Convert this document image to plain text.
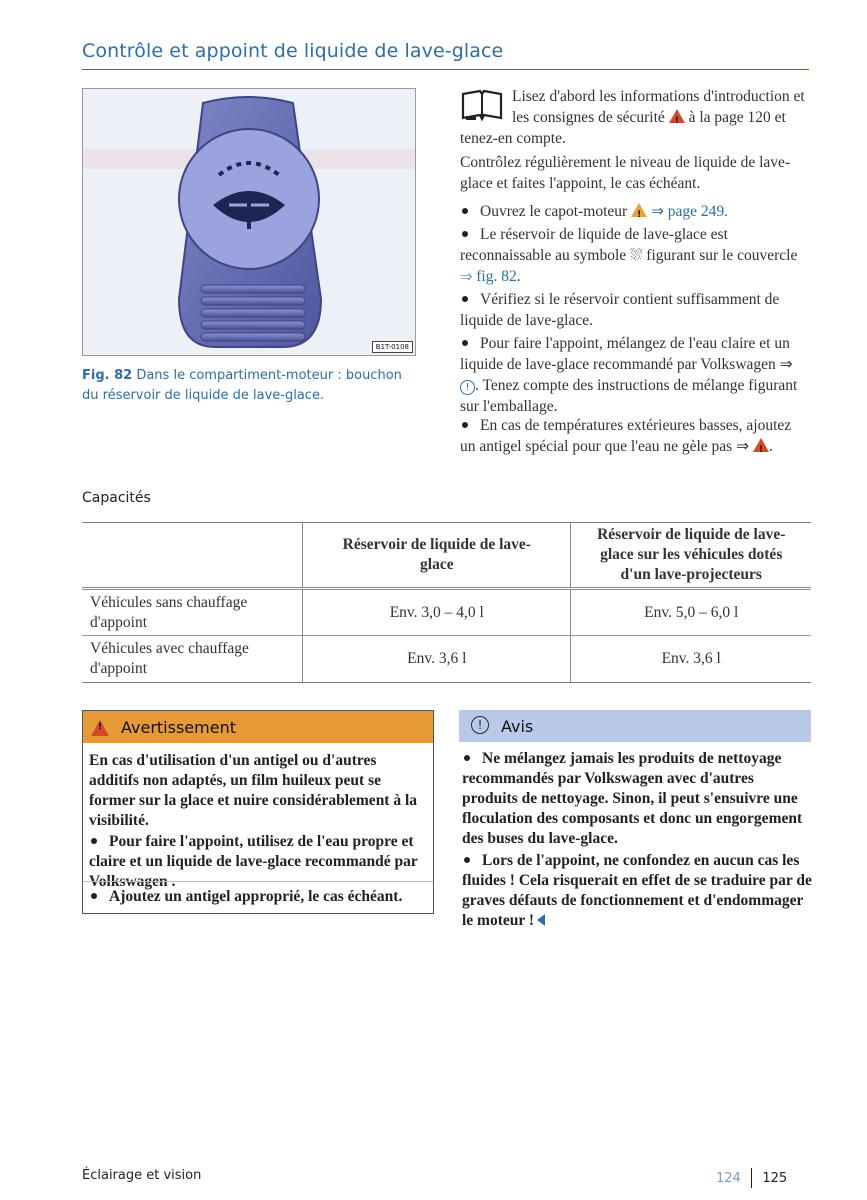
Contrôle et appoint de liquide de lave-glace
B1T-0108
Fig. 82 Dans le compartiment-moteur : bouchon du réservoir de liquide de lave-glace.
Lisez d'abord les informations d'introduction et les consignes de sécurité ! à la page 120 et tenez-en compte.
Contrôlez régulièrement le niveau de liquide de lave-glace et faites l'appoint, le cas échéant.
Ouvrez le capot-moteur ! ⇒ page 249.
Le réservoir de liquide de lave-glace est reconnaissable au symbole ⛆ figurant sur le couvercle ⇒ fig. 82.
Vérifiez si le réservoir contient suffisamment de liquide de lave-glace.
Pour faire l'appoint, mélangez de l'eau claire et un liquide de lave-glace recommandé par Volkswagen ⇒ ! . Tenez compte des instructions de mélange figurant sur l'emballage.
En cas de températures extérieures basses, ajoutez un antigel spécial pour que l'eau ne gèle pas ⇒ !.
Capacités
	Réservoir de liquide de lave-glace	Réservoir de liquide de lave-glace sur les véhicules dotés d'un lave-projecteurs
Véhicules sans chauffage d'appoint	Env. 3,0 – 4,0 l	Env. 5,0 – 6,0 l
Véhicules avec chauffage d'appoint	Env. 3,6 l	Env. 3,6 l
!
Avertissement
En cas d'utilisation d'un antigel ou d'autres additifs non adaptés, un film huileux peut se former sur la glace et nuire considérablement à la visibilité.
Pour faire l'appoint, utilisez de l'eau propre et claire et un liquide de lave-glace recommandé par Volkswagen .
Ajoutez un antigel approprié, le cas échéant.
!	Avis
Ne mélangez jamais les produits de nettoyage recommandés par Volkswagen avec d'autres produits de nettoyage. Sinon, il peut s'ensuivre une floculation des composants et donc un engorgement des buses du lave-glace.
Lors de l'appoint, ne confondez en aucun cas les fluides ! Cela risquerait en effet de se traduire par de graves défauts de fonctionnement et d'endommager le moteur !
Éclairage et vision	124 125
